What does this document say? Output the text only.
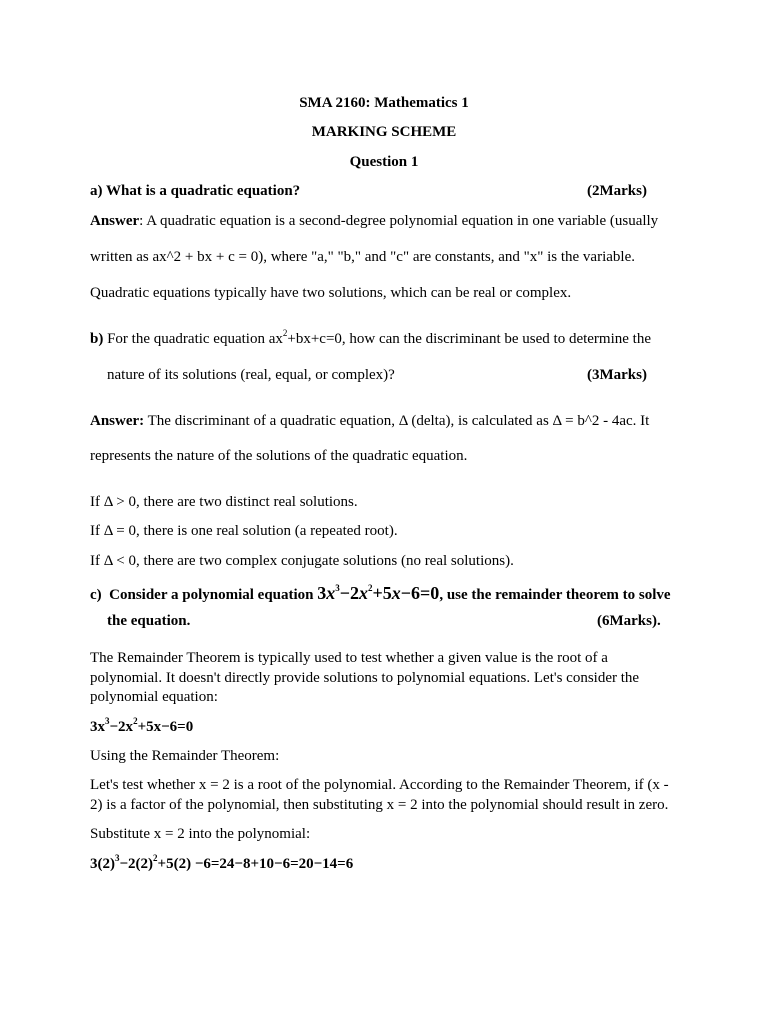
SMA 2160: Mathematics 1
MARKING SCHEME
Question 1
a) What is a quadratic equation?	(2Marks)
Answer: A quadratic equation is a second-degree polynomial equation in one variable (usually
written as ax^2 + bx + c = 0), where "a," "b," and "c" are constants, and "x" is the variable.
Quadratic equations typically have two solutions, which can be real or complex.
b) For the quadratic equation $ax^2+bx+c=0$, how can the discriminant be used to determine the
nature of its solutions (real, equal, or complex)?	(3Marks)
Answer: The discriminant of a quadratic equation, Δ (delta), is calculated as Δ = b^2 - 4ac. It
represents the nature of the solutions of the quadratic equation.
If Δ > 0, there are two distinct real solutions.
If Δ = 0, there is one real solution (a repeated root).
If Δ < 0, there are two complex conjugate solutions (no real solutions).
c) Consider a polynomial equation $3x^3-2x^2+5x-6=0$, use the remainder theorem to solve
the equation.	(6Marks).
The Remainder Theorem is typically used to test whether a given value is the root of a polynomial. It doesn't directly provide solutions to polynomial equations. Let's consider the polynomial equation:
$3x^3-2x^2+5x-6=0$
Using the Remainder Theorem:
Let's test whether x = 2 is a root of the polynomial. According to the Remainder Theorem, if (x - 2) is a factor of the polynomial, then substituting x = 2 into the polynomial should result in zero.
Substitute x = 2 into the polynomial:
$3(2)^3-2(2)^2+5(2) -6=24-8+10-6=20-14=6$
